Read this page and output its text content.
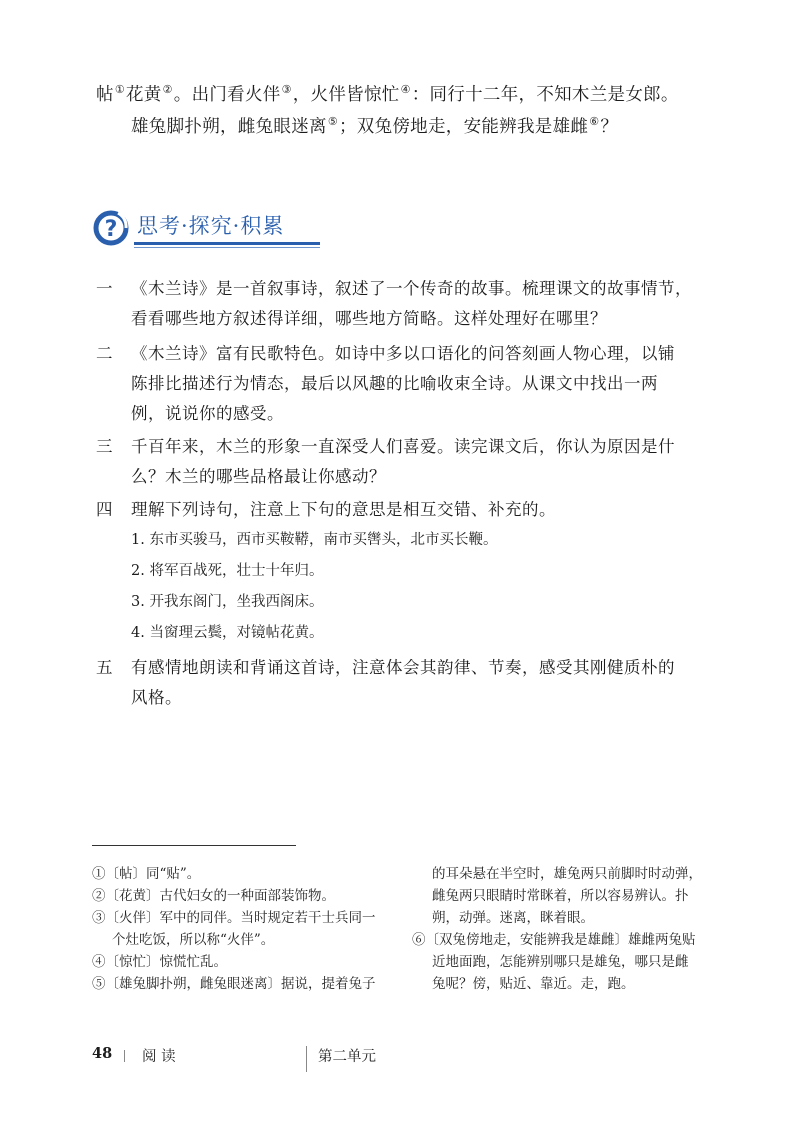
帖①花黄②。出门看火伴③，火伴皆惊忙④：同行十二年，不知木兰是女郎。
雄兔脚扑朔，雌兔眼迷离⑤；双兔傍地走，安能辨我是雄雌⑥？
? 思考·探究·积累
一 《木兰诗》是一首叙事诗，叙述了一个传奇的故事。梳理课文的故事情节，
看看哪些地方叙述得详细，哪些地方简略。这样处理好在哪里？
二 《木兰诗》富有民歌特色。如诗中多以口语化的问答刻画人物心理，以铺
陈排比描述行为情态，最后以风趣的比喻收束全诗。从课文中找出一两
例，说说你的感受。
三 千百年来，木兰的形象一直深受人们喜爱。读完课文后，你认为原因是什
么？木兰的哪些品格最让你感动？
四 理解下列诗句，注意上下句的意思是相互交错、补充的。
1. 东市买骏马，西市买鞍鞯，南市买辔头，北市买长鞭。
2. 将军百战死，壮士十年归。
3. 开我东阁门，坐我西阁床。
4. 当窗理云鬓，对镜帖花黄。
五 有感情地朗读和背诵这首诗，注意体会其韵律、节奏，感受其刚健质朴的
风格。
①〔帖〕同“贴”。
②〔花黄〕古代妇女的一种面部装饰物。
③〔火伴〕军中的同伴。当时规定若干士兵同一
个灶吃饭，所以称“火伴”。
④〔惊忙〕惊慌忙乱。
⑤〔雄兔脚扑朔，雌兔眼迷离〕据说，提着兔子
的耳朵悬在半空时，雄兔两只前脚时时动弹，
雌兔两只眼睛时常眯着，所以容易辨认。扑
朔，动弹。迷离，眯着眼。
⑥〔双兔傍地走，安能辨我是雄雌〕雄雌两兔贴
近地面跑，怎能辨别哪只是雄兔，哪只是雌
兔呢？傍，贴近、靠近。走，跑。
48 阅 读	第二单元
